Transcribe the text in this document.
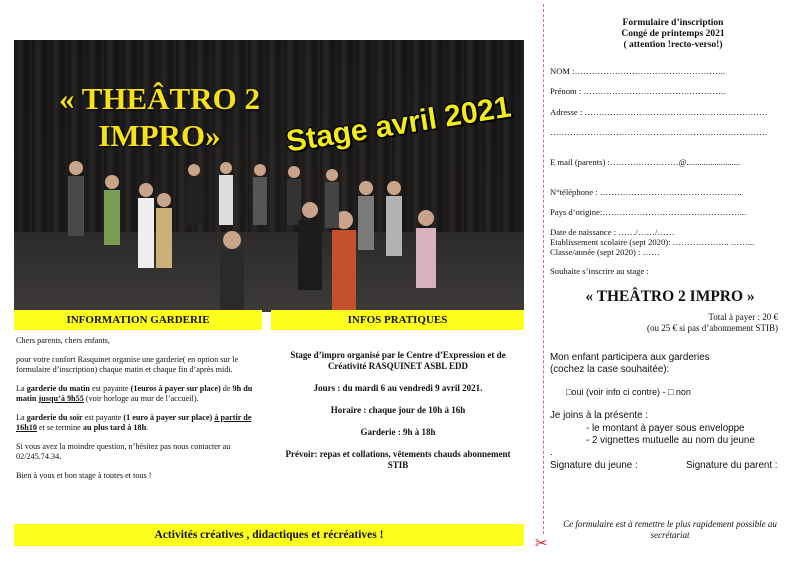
« THEÂTRO 2
IMPRO»	Stage avril 2021
INFORMATION GARDERIE	INFOS PRATIQUES

Chers parents, chers enfants,

pour votre confort Rasquinet organise une garderie( en option sur le formulaire d’inscription) chaque matin et chaque fin d’après midi.

La garderie du matin est payante (1euros à payer sur place) de 9h du matin jusqu’à 9h55 (voir horloge au mur de l’accueil).

La garderie du soir est payante (1 euro à payer sur place) à partir de 16h10 et se termine au plus tard à 18h.

Si vous avez la moindre question, n’hésitez pas nous contacter au 02/245.74.34.

Bien à vous et bon stage à toutes et tous !

Stage d’impro organisé par le Centre d’Expression et de Créativité RASQUINET ASBL EDD

Jours : du mardi 6 au vendredi 9 avril 2021.

Horaire : chaque jour de 10h à 16h

Garderie : 9h à 18h

Prévoir: repas et collations, vêtements chauds abonnement STIB

Activités créatives , didactiques et récréatives !	✂
Formulaire d’inscription
Congé de printemps 2021
( attention !recto-verso!)
NOM :……………………………………………..
Prénom : …………………………………………..
Adresse : ……………………………………………………….
………………………………………………………………….
E mail (parents) :……………………@.........................
N°téléphone : …………………………………………..
Pays d’origine:…………………………………………...
Date de naissance : ……/……/……
Etablissement scolaire (sept 2020): ……………….. ……...
Classe/année (sept 2020) : ……
Souhaite s’inscrire au stage :
« THEÂTRO 2 IMPRO »
Total à payer : 20 €
(ou 25 € si pas d’abonnement STIB)
Mon enfant participera aux garderies
(cochez la case souhaitée):
□oui (voir info ci contre) - □ non
Je joins à la présente :
- le montant à payer sous enveloppe
- 2 vignettes mutuelle au nom du jeune
.
Signature du jeune :	Signature du parent :
Ce formulaire est à remettre le plus rapidement possible au secrétariat
